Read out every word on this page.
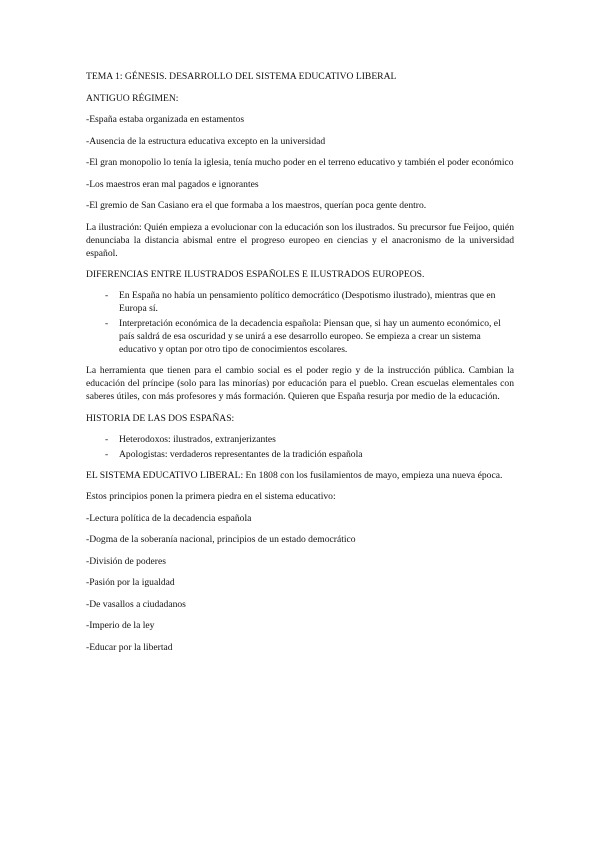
TEMA 1: GÉNESIS. DESARROLLO DEL SISTEMA EDUCATIVO LIBERAL

ANTIGUO RÉGIMEN:

-España estaba organizada en estamentos

-Ausencia de la estructura educativa excepto en la universidad

-El gran monopolio lo tenía la iglesia, tenía mucho poder en el terreno educativo y también el poder económico

-Los maestros eran mal pagados e ignorantes

-El gremio de San Casiano era el que formaba a los maestros, querían poca gente dentro.

La ilustración: Quién empieza a evolucionar con la educación son los ilustrados. Su precursor fue Feijoo, quién denunciaba la distancia abismal entre el progreso europeo en ciencias y el anacronismo de la universidad español.

DIFERENCIAS ENTRE ILUSTRADOS ESPAÑOLES E ILUSTRADOS EUROPEOS.

- En España no había un pensamiento político democrático (Despotismo ilustrado), mientras que en Europa sí.
- Interpretación económica de la decadencia española: Piensan que, si hay un aumento económico, el país saldrá de esa oscuridad y se unirá a ese desarrollo europeo. Se empieza a crear un sistema educativo y optan por otro tipo de conocimientos escolares.

La herramienta que tienen para el cambio social es el poder regio y de la instrucción pública. Cambian la educación del príncipe (solo para las minorías) por educación para el pueblo. Crean escuelas elementales con saberes útiles, con más profesores y más formación. Quieren que España resurja por medio de la educación.

HISTORIA DE LAS DOS ESPAÑAS:

- Heterodoxos: ilustrados, extranjerizantes
- Apologistas: verdaderos representantes de la tradición española

EL SISTEMA EDUCATIVO LIBERAL: En 1808 con los fusilamientos de mayo, empieza una nueva época.

Estos principios ponen la primera piedra en el sistema educativo:

-Lectura política de la decadencia española

-Dogma de la soberanía nacional, principios de un estado democrático

-División de poderes

-Pasión por la igualdad

-De vasallos a ciudadanos

-Imperio de la ley

-Educar por la libertad
